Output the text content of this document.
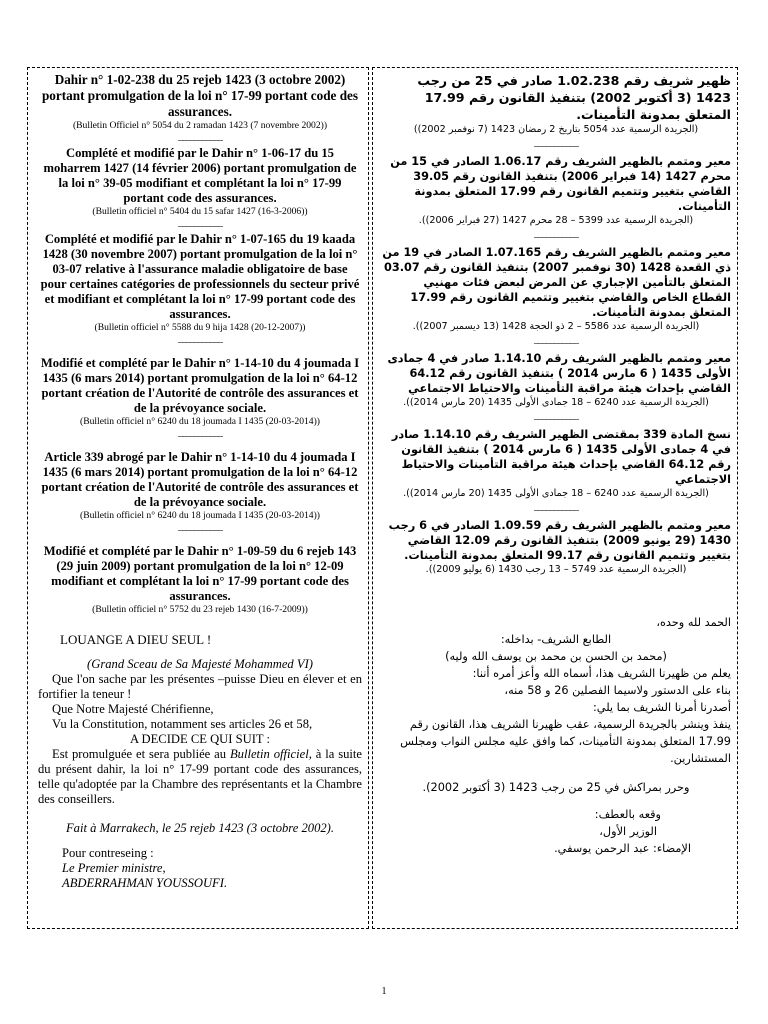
Dahir n° 1-02-238 du 25 rejeb 1423 (3 octobre 2002) portant promulgation de la loi n° 17-99 portant code des assurances.
(Bulletin Officiel n° 5054 du 2 ramadan 1423 (7 novembre 2002))
___________
Complété et modifié par le Dahir n° 1-06-17 du 15 moharrem 1427 (14 février 2006) portant promulgation de la loi n° 39-05 modifiant et complétant la loi n° 17-99 portant code des assurances.
(Bulletin officiel n° 5404 du 15 safar 1427 (16-3-2006))
___________
Complété et modifié par le Dahir n° 1-07-165 du 19 kaada 1428 (30 novembre 2007) portant promulgation de la loi n° 03-07 relative à l'assurance maladie obligatoire de base pour certaines catégories de professionnels du secteur privé et modifiant et complétant la loi n° 17-99 portant code des assurances.
(Bulletin officiel n° 5588 du 9 hija 1428 (20-12-2007))
___________
Modifié et complété par le Dahir n° 1-14-10 du 4 joumada I 1435 (6 mars 2014) portant promulgation de la loi n° 64-12 portant création de l'Autorité de contrôle des assurances et de la prévoyance sociale.
(Bulletin officiel n° 6240 du 18 joumada I 1435 (20-03-2014))
___________
Article 339 abrogé par le Dahir n° 1-14-10 du 4 joumada I 1435 (6 mars 2014) portant promulgation de la loi n° 64-12 portant création de l'Autorité de contrôle des assurances et de la prévoyance sociale.
(Bulletin officiel n° 6240 du 18 joumada I 1435 (20-03-2014))
___________
Modifié et complété par le Dahir n° 1-09-59 du 6 rejeb 143 (29 juin 2009) portant promulgation de la loi n° 12-09 modifiant et complétant la loi n° 17-99 portant code des assurances.
(Bulletin officiel n° 5752 du 23 rejeb 1430 (16-7-2009))
LOUANGE A DIEU SEUL !
(Grand Sceau de Sa Majesté Mohammed VI)
Que l'on sache par les présentes –puisse Dieu en élever et en fortifier la teneur !
Que Notre Majesté Chérifienne,
Vu la Constitution, notamment ses articles 26 et 58,
A DECIDE CE QUI SUIT :
Est promulguée et sera publiée au Bulletin officiel, à la suite du présent dahir, la loi n° 17-99 portant code des assurances, telle qu'adoptée par la Chambre des représentants et la Chambre des conseillers.
Fait à Marrakech, le 25 rejeb 1423 (3 octobre 2002).
Pour contreseing :
Le Premier ministre,
ABDERRAHMAN YOUSSOUFI.
ظهير شريف رقم 1.02.238 صادر في 25 من رجب 1423 (3 أكتوبر 2002) بتنفيذ القانون رقم 17.99 المتعلق بمدونة التأمينات.
(الجريدة الرسمية عدد 5054 بتاريخ 2 رمضان 1423 (7 نوفمبر 2002))
___________
معير ومتمم بالظهير الشريف رقم 1.06.17 الصادر في 15 من محرم 1427 (14 فبراير 2006) بتنفيذ القانون رقم 39.05 القاضي بتغيير وتتميم القانون رقم 17.99 المتعلق بمدونة التأمينات.
(الجريدة الرسمية عدد 5399 – 28 محرم 1427 (27 فبراير 2006)).
___________
معير ومتمم بالظهير الشريف رقم 1.07.165 الصادر في 19 من ذي القعدة 1428 (30 نوفمبر 2007) بتنفيذ القانون رقم 03.07 المتعلق بالتأمين الإجباري عن المرض لبعض فئات مهنيي القطاع الخاص والقاضي بتغيير وتتميم القانون رقم 17.99 المتعلق بمدونة التأمينات.
(الجريدة الرسمية عدد 5586 – 2 ذو الحجة 1428 (13 ديسمبر 2007)).
___________
معير ومتمم بالظهير الشريف رقم 1.14.10 صادر في 4 جمادى الأولى 1435 ( 6 مارس 2014 ) بتنفيذ القانون رقم 64.12 القاضي بإحداث هيئة مراقبة التأمينات والاحتياط الاجتماعي
(الجريدة الرسمية عدد 6240 – 18 جمادى الأولى 1435 (20 مارس 2014)).
___________
نسخ المادة 339 بمقتضى الظهير الشريف رقم 1.14.10 صادر في 4 جمادى الأولى 1435 ( 6 مارس 2014 ) بتنفيذ القانون رقم 64.12 القاضي بإحداث هيئة مراقبة التأمينات والاحتياط الاجتماعي
(الجريدة الرسمية عدد 6240 – 18 جمادى الأولى 1435 (20 مارس 2014)).
___________
معير ومتمم بالظهير الشريف رقم 1.09.59 الصادر في 6 رجب 1430 (29 يونيو 2009) بتنفيذ القانون رقم 12.09 القاضي بتغيير وتتميم القانون رقم 99.17 المتعلق بمدونة التأمينات.
(الجريدة الرسمية عدد 5749 – 13 رجب 1430 (6 يوليو 2009)).
الحمد لله وحده،
الطابع الشريف- بداخله:
(محمد بن الحسن بن محمد بن يوسف الله وليه)
يعلم من ظهيرنا الشريف هذا، أسماه الله وأعز أمره أننا:
بناء على الدستور ولاسيما الفصلين 26 و 58 منه،
أصدرنا أمرنا الشريف بما يلي:
ينفذ وينشر بالجريدة الرسمية، عقب ظهيرنا الشريف هذا، القانون رقم 17.99 المتعلق بمدونة التأمينات، كما وافق عليه مجلس النواب ومجلس المستشارين.
وحرر بمراكش في 25 من رجب 1423 (3 أكتوبر 2002).
وقعه بالعطف:
الوزير الأول،
الإمضاء: عبد الرحمن يوسفي.
1
